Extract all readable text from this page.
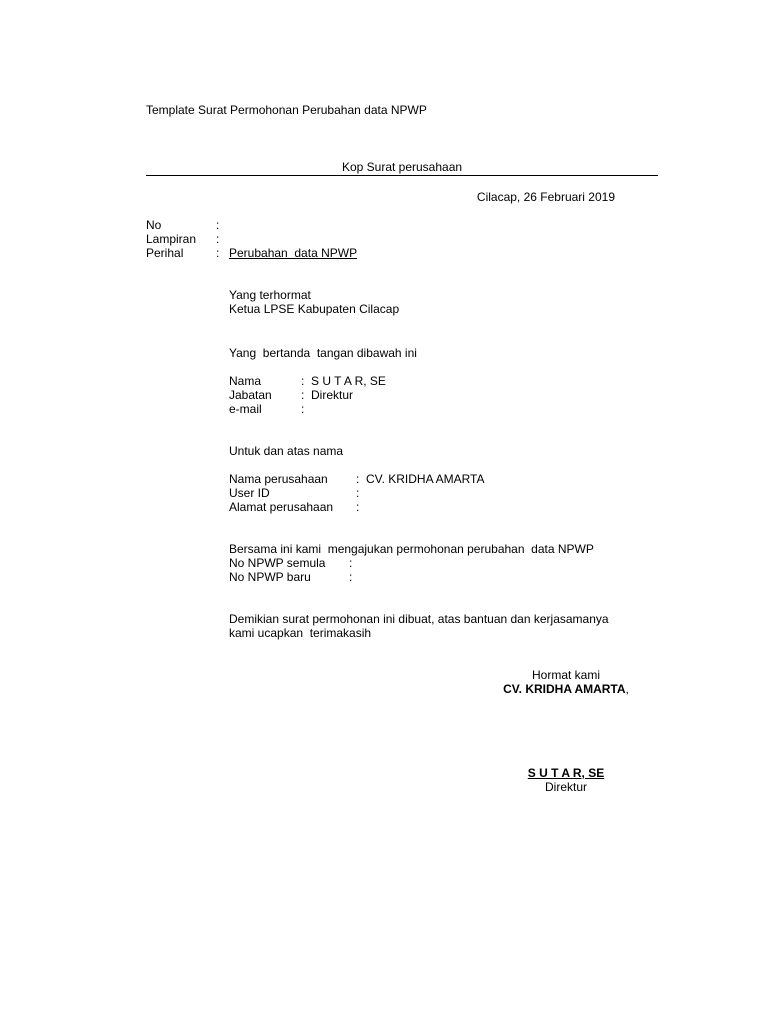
Template Surat Permohonan Perubahan data NPWP
Kop Surat perusahaan
Cilacap, 26 Februari 2019
No	:
Lampiran :
Perihal	: Perubahan  data NPWP
Yang terhormat
Ketua LPSE Kabupaten Cilacap
Yang  bertanda  tangan dibawah ini
Nama	: S U T A R, SE
Jabatan : Direktur
e-mail	:
Untuk dan atas nama
Nama perusahaan : CV. KRIDHA AMARTA
User ID	:
Alamat perusahaan :
Bersama ini kami  mengajukan permohonan perubahan  data NPWP
No NPWP semula :
No NPWP baru	:
Demikian surat permohonan ini dibuat, atas bantuan dan kerjasamanya
kami ucapkan  terimakasih
Hormat kami
CV. KRIDHA AMARTA,
S U T A R, SE
Direktur
